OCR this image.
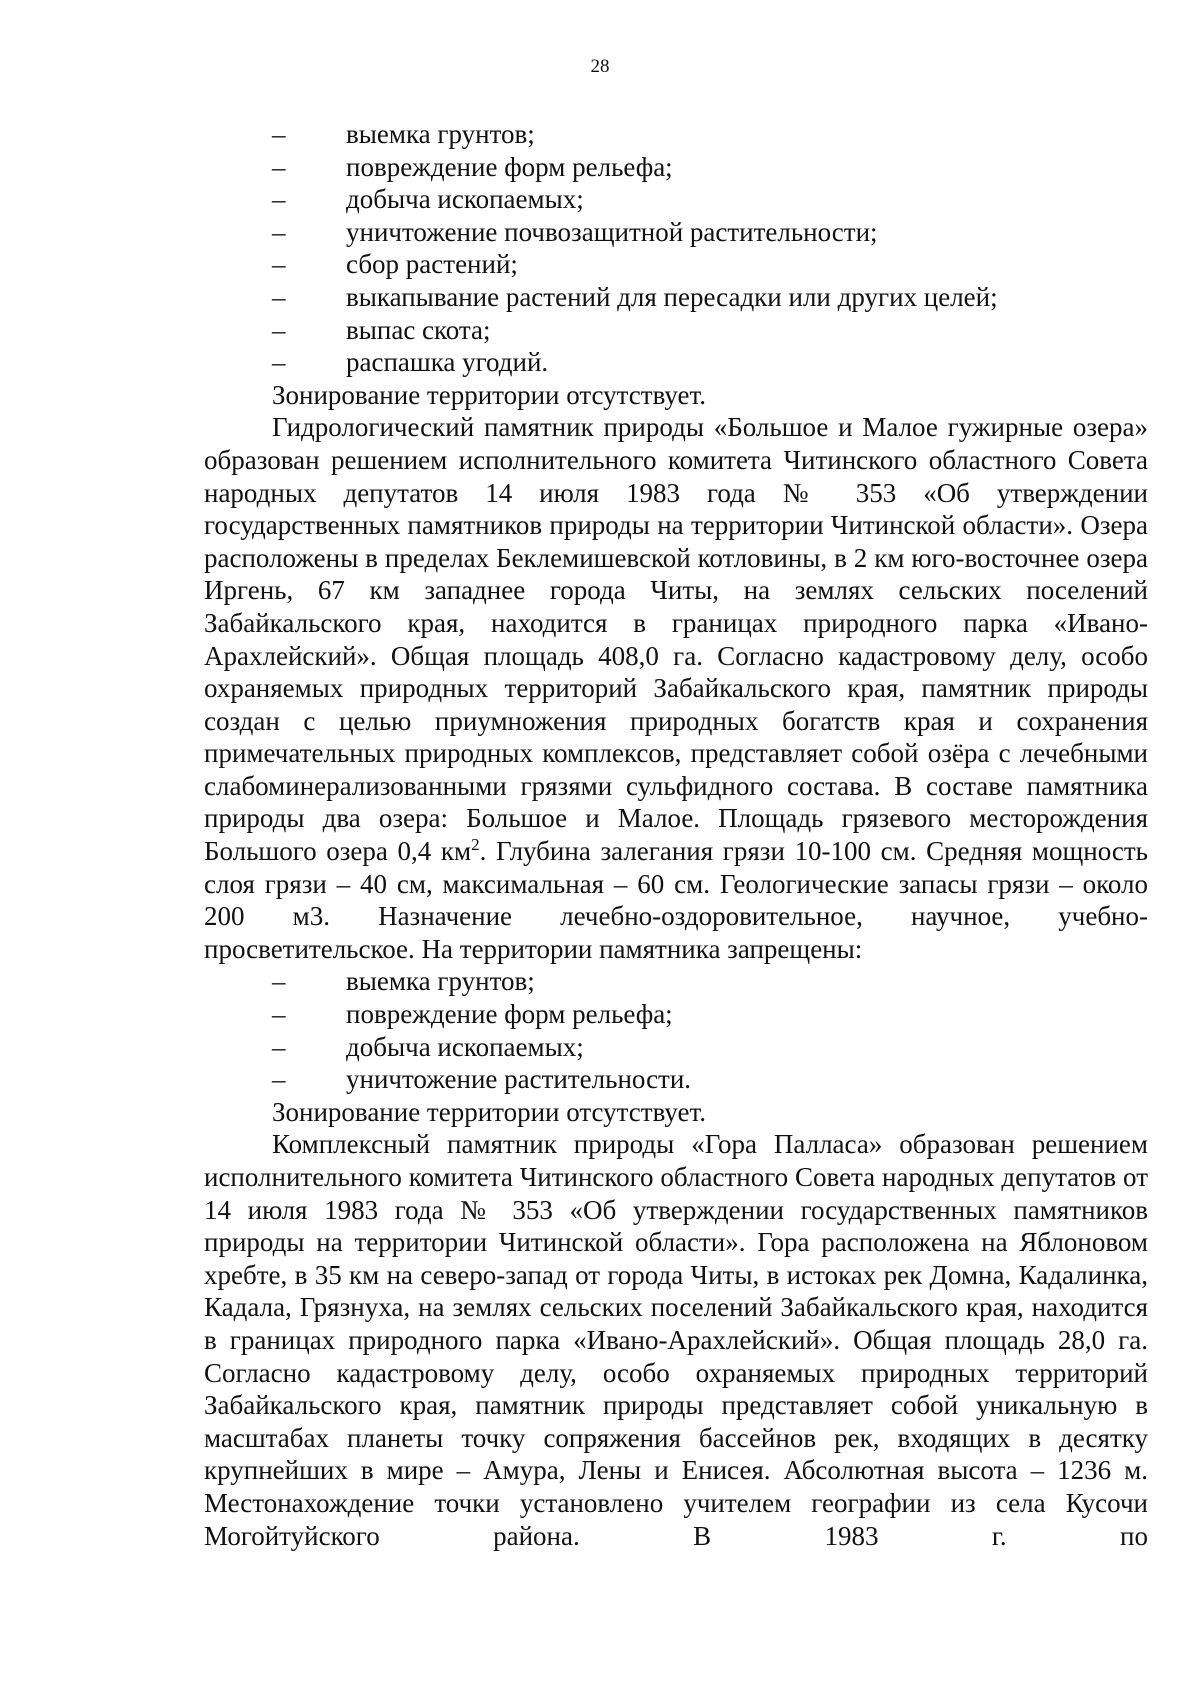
28
– выемка грунтов;
– повреждение форм рельефа;
– добыча ископаемых;
– уничтожение почвозащитной растительности;
– сбор растений;
– выкапывание растений для пересадки или других целей;
– выпас скота;
– распашка угодий.

Зонирование территории отсутствует.

Гидрологический памятник природы «Большое и Малое гужирные озера» образован решением исполнительного комитета Читинского областного Совета народных депутатов 14 июля 1983 года № 353 «Об утверждении государственных памятников природы на территории Читинской области». Озера расположены в пределах Беклемишевской котловины, в 2 км юго-восточнее озера Иргень, 67 км западнее города Читы, на землях сельских поселений Забайкальского края, находится в границах природного парка «Ивано-Арахлейский». Общая площадь 408,0 га. Согласно кадастровому делу, особо охраняемых природных территорий Забайкальского края, памятник природы создан с целью приумножения природных богатств края и сохранения примечательных природных комплексов, представляет собой озёра с лечебными слабоминерализованными грязями сульфидного состава. В составе памятника природы два озера: Большое и Малое. Площадь грязевого месторождения Большого озера 0,4 $км^2$. Глубина залегания грязи 10-100 см. Средняя мощность слоя грязи – 40 см, максимальная – 60 см. Геологические запасы грязи – около 200 м3. Назначение лечебно-оздоровительное, научное, учебно-просветительское. На территории памятника запрещены:

– выемка грунтов;
– повреждение форм рельефа;
– добыча ископаемых;
– уничтожение растительности.

Зонирование территории отсутствует.

Комплексный памятник природы «Гора Палласа» образован решением исполнительного комитета Читинского областного Совета народных депутатов от 14 июля 1983 года № 353 «Об утверждении государственных памятников природы на территории Читинской области». Гора расположена на Яблоновом хребте, в 35 км на северо-запад от города Читы, в истоках рек Домна, Кадалинка, Кадала, Грязнуха, на землях сельских поселений Забайкальского края, находится в границах природного парка «Ивано-Арахлейский». Общая площадь 28,0 га. Согласно кадастровому делу, особо охраняемых природных территорий Забайкальского края, памятник природы представляет собой уникальную в масштабах планеты точку сопряжения бассейнов рек, входящих в десятку крупнейших в мире – Амура, Лены и Енисея. Абсолютная высота – 1236 м. Местонахождение точки установлено учителем географии из села Кусочи Могойтуйского района. В 1983 г. по
